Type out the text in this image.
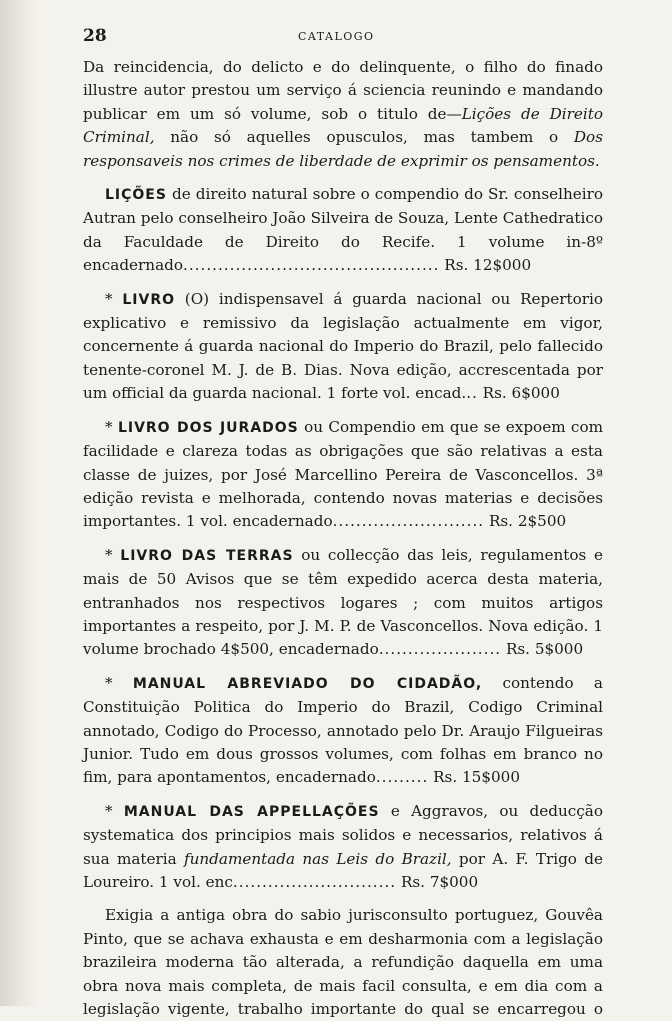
28	CATALOGO

Da reincidencia, do delicto e do delinquente, o filho do finado illustre autor prestou um serviço á sciencia reunindo e mandando publicar em um só volume, sob o titulo de—Lições de Direito Criminal, não só aquelles opusculos, mas tambem o Dos responsaveis nos crimes de liberdade de exprimir os pensamentos.

LIÇÕES de direito natural sobre o compendio do Sr. conselheiro Autran pelo conselheiro João Silveira de Souza, Lente Cathedratico da Faculdade de Direito do Recife. 1 volume in-8º encadernado............................................ Rs. 12$000

* LIVRO (O) indispensavel á guarda nacional ou Repertorio explicativo e remissivo da legislação actualmente em vigor, concernente á guarda nacional do Imperio do Brazil, pelo fallecido tenente-coronel M. J. de B. Dias. Nova edição, accrescentada por um official da guarda nacional. 1 forte vol. encad... Rs. 6$000

* LIVRO DOS JURADOS ou Compendio em que se expoem com facilidade e clareza todas as obrigações que são relativas a esta classe de juizes, por José Marcellino Pereira de Vasconcellos. 3ª edição revista e melhorada, contendo novas materias e decisões importantes. 1 vol. encadernado.......................... Rs. 2$500

* LIVRO DAS TERRAS ou collecção das leis, regulamentos e mais de 50 Avisos que se têm expedido acerca desta materia, entranhados nos respectivos logares ; com muitos artigos importantes a respeito, por J. M. P. de Vasconcellos. Nova edição. 1 volume brochado 4$500, encadernado..................... Rs. 5$000

* MANUAL ABREVIADO DO CIDADÃO, contendo a Constituição Politica do Imperio do Brazil, Codigo Criminal annotado, Codigo do Processo, annotado pelo Dr. Araujo Filgueiras Junior. Tudo em dous grossos volumes, com folhas em branco no fim, para apontamentos, encadernado......... Rs. 15$000

* MANUAL DAS APPELLAÇÕES e Aggravos, ou deducção systematica dos principios mais solidos e necessarios, relativos á sua materia fundamentada nas Leis do Brazil, por A. F. Trigo de Loureiro. 1 vol. enc............................ Rs. 7$000

Exigia a antiga obra do sabio jurisconsulto portuguez, Gouvêa Pinto, que se achava exhausta e em desharmonia com a legislação brazileira moderna tão alterada, a refundição daquella em uma obra nova mais completa, de mais facil consulta, e em dia com a legislação vigente, trabalho importante do qual se encarregou o
